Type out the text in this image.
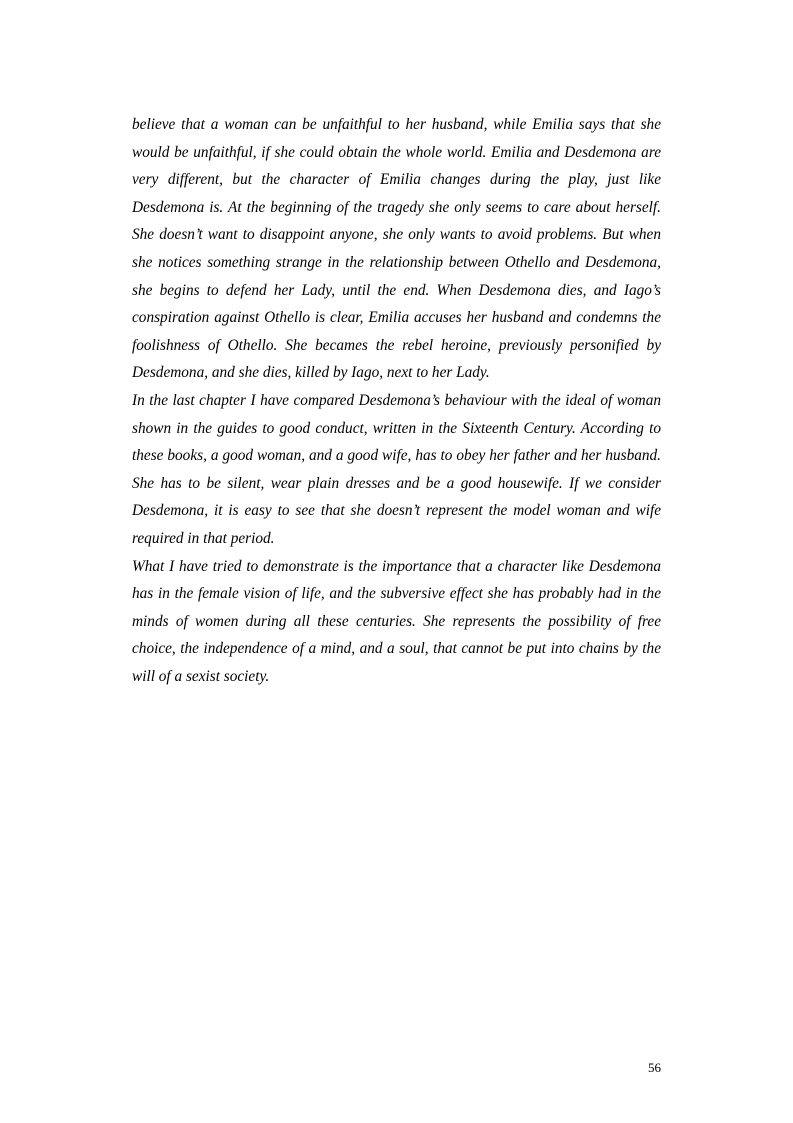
believe that a woman can be unfaithful to her husband, while Emilia says that she would be unfaithful, if she could obtain the whole world. Emilia and Desdemona are very different, but the character of Emilia changes during the play, just like Desdemona is. At the beginning of the tragedy she only seems to care about herself. She doesn’t want to disappoint anyone, she only wants to avoid problems. But when she notices something strange in the relationship between Othello and Desdemona, she begins to defend her Lady, until the end. When Desdemona dies, and Iago’s conspiration against Othello is clear, Emilia accuses her husband and condemns the foolishness of Othello. She becames the rebel heroine, previously personified by Desdemona, and she dies, killed by Iago, next to her Lady.

In the last chapter I have compared Desdemona’s behaviour with the ideal of woman shown in the guides to good conduct, written in the Sixteenth Century. According to these books, a good woman, and a good wife, has to obey her father and her husband. She has to be silent, wear plain dresses and be a good housewife. If we consider Desdemona, it is easy to see that she doesn’t represent the model woman and wife required in that period.

What I have tried to demonstrate is the importance that a character like Desdemona has in the female vision of life, and the subversive effect she has probably had in the minds of women during all these centuries. She represents the possibility of free choice, the independence of a mind, and a soul, that cannot be put into chains by the will of a sexist society.

56
